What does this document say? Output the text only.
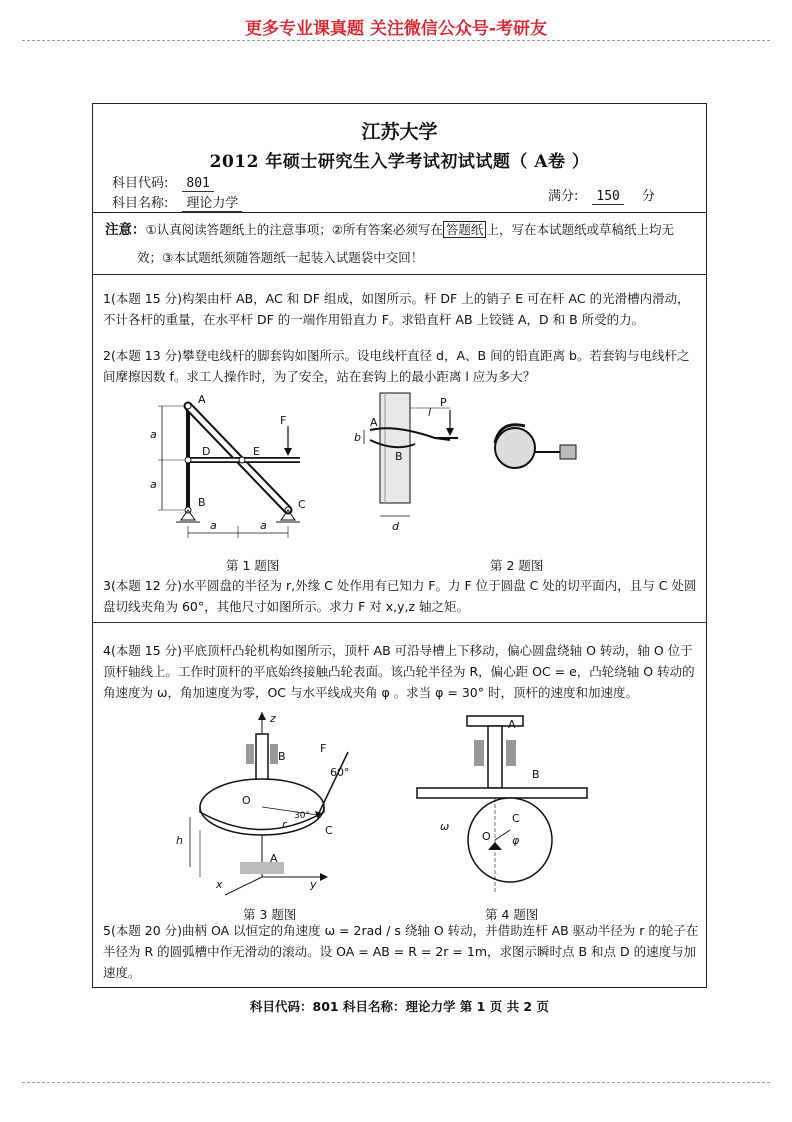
更多专业课真题 关注微信公众号-考研友
江苏大学
2012 年硕士研究生入学考试初试试题（ A卷 ）
科目代码: 801
科目名称: 理论力学	满分: 150 分
注意：①认真阅读答题纸上的注意事项；②所有答案必须写在 答题纸 上，写在本试题纸或草稿纸上均无
效；③本试题纸须随答题纸一起装入试题袋中交回！
1(本题 15 分)构架由杆 AB，AC 和 DF 组成，如图所示。杆 DF 上的销子 E 可在杆 AC 的光滑槽内滑动，不计各杆的重量，在水平杆 DF 的一端作用铅直力 F。求铅直杆 AB 上铰链 A，D 和 B 所受的力。
2(本题 13 分)攀登电线杆的脚套钩如图所示。设电线杆直径 d，A、B 间的铅直距离 b。若套钩与电线杆之间摩擦因数 f。求工人操作时，为了安全，站在套钩上的最小距离 l 应为多大？
A
D	E
F
B	C
a
a
a	a
第 1 题图
A
B
P
l
b
d
第 2 题图
3(本题 12 分)水平圆盘的半径为 r,外缘 C 处作用有已知力 F。力 F 位于圆盘 C 处的切平面内，且与 C 处圆盘切线夹角为 60°，其他尺寸如图所示。求力 F 对 x,y,z 轴之矩。
4(本题 15 分)平底顶杆凸轮机构如图所示，顶杆 AB 可沿导槽上下移动，偏心圆盘绕轴 O 转动，轴 O 位于顶杆轴线上。工作时顶杆的平底始终接触凸轮表面。该凸轮半径为 R，偏心距 OC = e，凸轮绕轴 O 转动的角速度为 ω，角加速度为零，OC 与水平线成夹角 φ 。求当 φ = 30° 时，顶杆的速度和加速度。
z
B
F
60°
O
r
30°
C
h
A
x	y
第 3 题图
A
B
C
O φ
ω
第 4 题图
5(本题 20 分)曲柄 OA 以恒定的角速度 ω = 2rad / s 绕轴 O 转动，并借助连杆 AB 驱动半径为 r 的轮子在半径为 R 的圆弧槽中作无滑动的滚动。设 OA = AB = R = 2r = 1m，求图示瞬时点 B 和点 D 的速度与加速度。
科目代码：801 科目名称：理论力学 第 1 页 共 2 页
